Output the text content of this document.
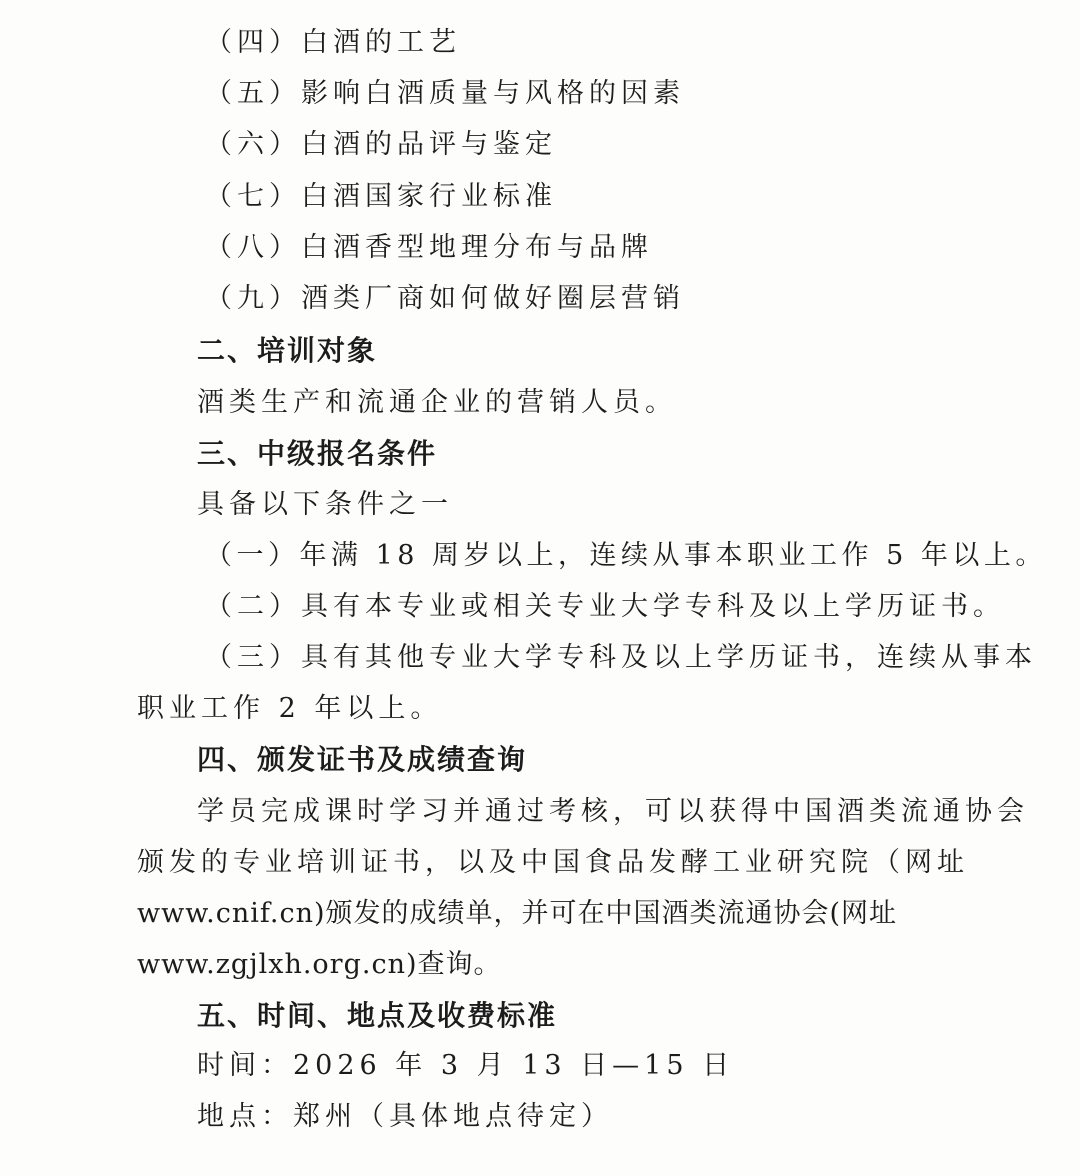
（四）白酒的工艺
（五）影响白酒质量与风格的因素
（六）白酒的品评与鉴定
（七）白酒国家行业标准
（八）白酒香型地理分布与品牌
（九）酒类厂商如何做好圈层营销
二、培训对象
酒类生产和流通企业的营销人员。
三、中级报名条件
具备以下条件之一
（一）年满 18 周岁以上，连续从事本职业工作 5 年以上。
（二）具有本专业或相关专业大学专科及以上学历证书。
（三）具有其他专业大学专科及以上学历证书，连续从事本
职业工作 2 年以上。
四、颁发证书及成绩查询
学员完成课时学习并通过考核，可以获得中国酒类流通协会
颁发的专业培训证书，以及中国食品发酵工业研究院（网址
www.cnif.cn)颁发的成绩单，并可在中国酒类流通协会(网址
www.zgjlxh.org.cn)查询。
五、时间、地点及收费标准
时间：2026 年 3 月 13 日—15 日
地点：郑州（具体地点待定）
